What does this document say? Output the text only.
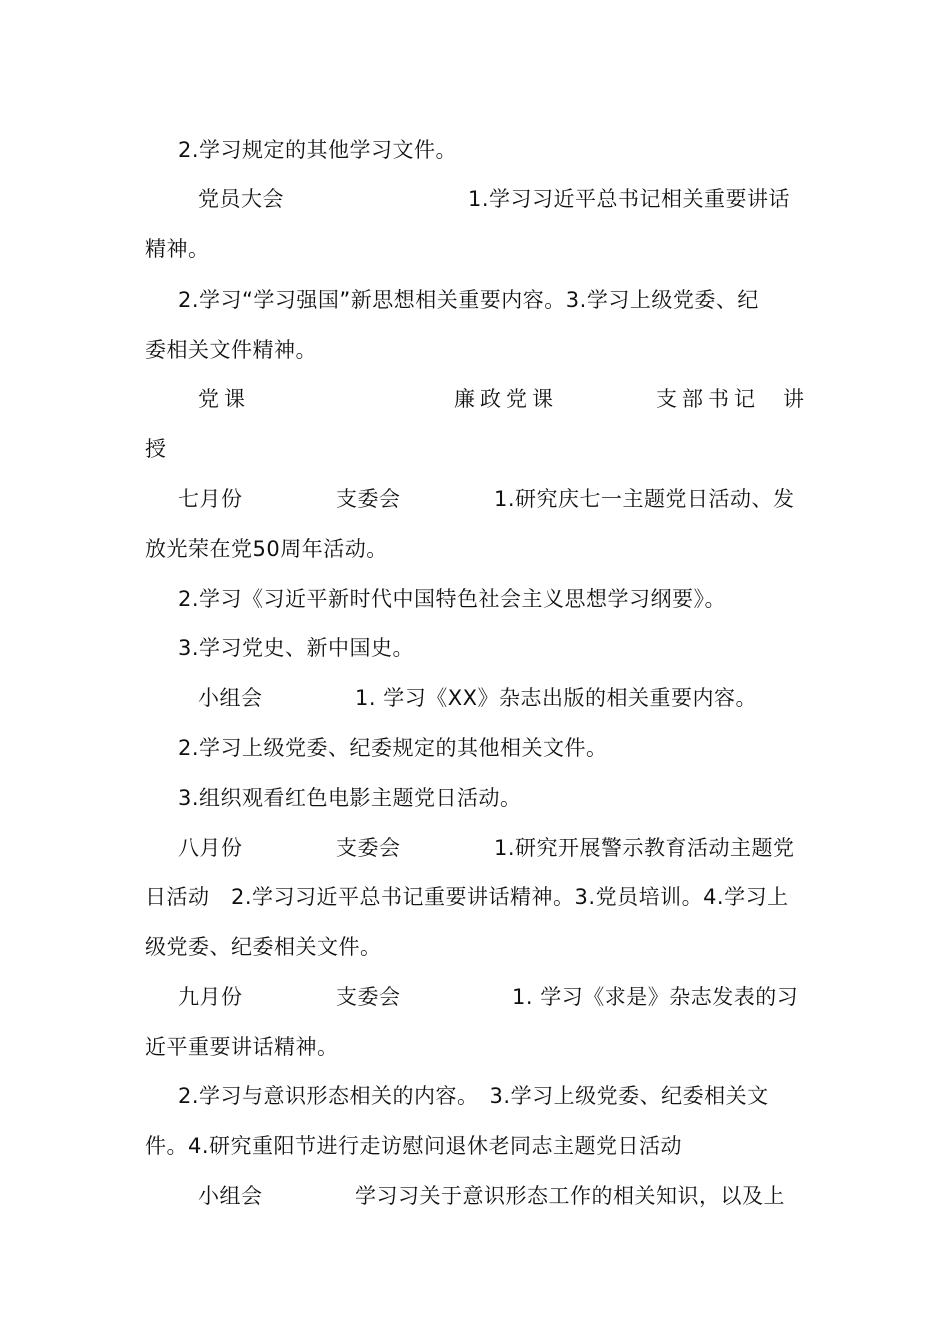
2.学习规定的其他学习文件。
党员大会	1.学习习近平总书记相关重要讲话
精神。
2.学习“学习强国”新思想相关重要内容。3.学习上级党委、纪
委相关文件精神。
党课	廉政党课	支部书记 讲
授
七月份	支委会	1.研究庆七一主题党日活动、发
放光荣在党50周年活动。
2.学习《习近平新时代中国特色社会主义思想学习纲要》。
3.学习党史、新中国史。
小组会	1. 学习《XX》杂志出版的相关重要内容。
2.学习上级党委、纪委规定的其他相关文件。
3.组织观看红色电影主题党日活动。
八月份	支委会	1.研究开展警示教育活动主题党
日活动　2.学习习近平总书记重要讲话精神。3.党员培训。4.学习上
级党委、纪委相关文件。
九月份	支委会	1. 学习《求是》杂志发表的习
近平重要讲话精神。
2.学习与意识形态相关的内容。　3.学习上级党委、纪委相关文
件。4.研究重阳节进行走访慰问退休老同志主题党日活动
小组会	学习习关于意识形态工作的相关知识，以及上
